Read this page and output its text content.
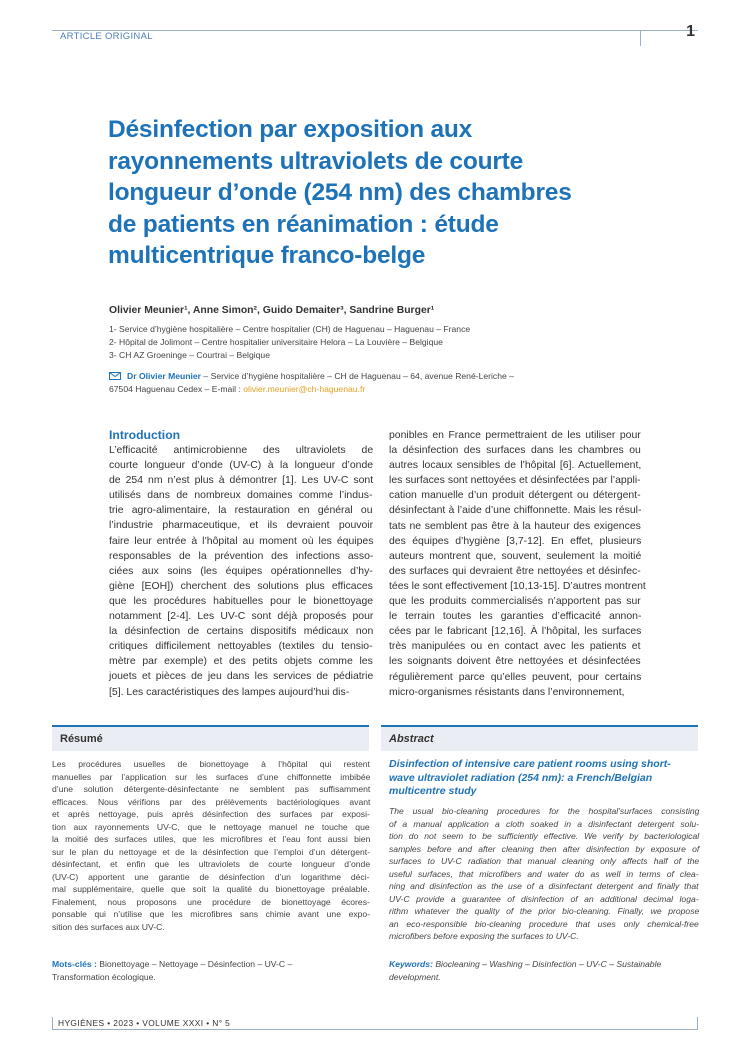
ARTICLE ORIGINAL	1
Désinfection par exposition aux
rayonnements ultraviolets de courte
longueur d’onde (254 nm) des chambres
de patients en réanimation : étude
multicentrique franco-belge
Olivier Meunier¹, Anne Simon², Guido Demaiter³, Sandrine Burger¹
1- Service d’hygiène hospitalière – Centre hospitalier (CH) de Haguenau – Haguenau – France
2- Hôpital de Jolimont – Centre hospitalier universitaire Helora – La Louvière – Belgique
3- CH AZ Groeninge – Courtrai – Belgique
Dr Olivier Meunier – Service d’hygiène hospitalière – CH de Haguenau – 64, avenue René-Leriche –
67504 Haguenau Cedex – E-mail : olivier.meunier@ch-haguenau.fr
Introduction
L’efficacité antimicrobienne des ultraviolets de
courte longueur d’onde (UV-C) à la longueur d’onde
de 254 nm n’est plus à démontrer [1]. Les UV-C sont
utilisés dans de nombreux domaines comme l’indus-
trie agro-alimentaire, la restauration en général ou
l’industrie pharmaceutique, et ils devraient pouvoir
faire leur entrée à l’hôpital au moment où les équipes
responsables de la prévention des infections asso-
ciées aux soins (les équipes opérationnelles d’hy-
giène [EOH]) cherchent des solutions plus efficaces
que les procédures habituelles pour le bionettoyage
notamment [2-4]. Les UV-C sont déjà proposés pour
la désinfection de certains dispositifs médicaux non
critiques difficilement nettoyables (textiles du tensio-
mètre par exemple) et des petits objets comme les
jouets et pièces de jeu dans les services de pédiatrie
[5]. Les caractéristiques des lampes aujourd’hui dis-
ponibles en France permettraient de les utiliser pour
la désinfection des surfaces dans les chambres ou
autres locaux sensibles de l’hôpital [6]. Actuellement,
les surfaces sont nettoyées et désinfectées par l’appli-
cation manuelle d’un produit détergent ou détergent-
désinfectant à l’aide d’une chiffonnette. Mais les résul-
tats ne semblent pas être à la hauteur des exigences
des équipes d’hygiène [3,7-12]. En effet, plusieurs
auteurs montrent que, souvent, seulement la moitié
des surfaces qui devraient être nettoyées et désinfec-
tées le sont effectivement [10,13-15]. D’autres montrent
que les produits commercialisés n’apportent pas sur
le terrain toutes les garanties d’efficacité annon-
cées par le fabricant [12,16]. À l’hôpital, les surfaces
très manipulées ou en contact avec les patients et
les soignants doivent être nettoyées et désinfectées
régulièrement parce qu’elles peuvent, pour certains
micro-organismes résistants dans l’environnement,
Résumé	Abstract
Les procédures usuelles de bionettoyage à l’hôpital qui restent
manuelles par l’application sur les surfaces d’une chiffonnette imbibée
d’une solution détergente-désinfectante ne semblent pas suffisamment
efficaces. Nous vérifions par des prélèvements bactériologiques avant
et après nettoyage, puis après désinfection des surfaces par exposi-
tion aux rayonnements UV-C, que le nettoyage manuel ne touche que
la moitié des surfaces utiles, que les microfibres et l’eau font aussi bien
sur le plan du nettoyage et de la désinfection que l’emploi d’un détergent-
désinfectant, et enfin que les ultraviolets de courte longueur d’onde
(UV-C) apportent une garantie de désinfection d’un logarithme déci-
mal supplémentaire, quelle que soit la qualité du bionettoyage préalable.
Finalement, nous proposons une procédure de bionettoyage écores-
ponsable qui n’utilise que les microfibres sans chimie avant une expo-
sition des surfaces aux UV-C.
Mots-clés : Bionettoyage – Nettoyage – Désinfection – UV-C –
Transformation écologique.
Disinfection of intensive care patient rooms using short-
wave ultraviolet radiation (254 nm): a French/Belgian
multicentre study
The usual bio-cleaning procedures for the hospital’surfaces consisting
of a manual application a cloth soaked in a disinfectant detergent solu-
tion do not seem to be sufficiently effective. We verify by bacteriological
samples before and after cleaning then after disinfection by exposure of
surfaces to UV-C radiation that manual cleaning only affects half of the
useful surfaces, that microfibers and water do as well in terms of clea-
ning and disinfection as the use of a disinfectant detergent and finally that
UV-C provide a guarantee of disinfection of an additional decimal loga-
rithm whatever the quality of the prior bio-cleaning. Finally, we propose
an eco-responsible bio-cleaning procedure that uses only chemical-free
microfibers before exposing the surfaces to UV-C.
Keywords: Biocleaning – Washing – Disinfection – UV-C – Sustainable
development.
HYGIÈNES • 2023 • VOLUME XXXI • N° 5
